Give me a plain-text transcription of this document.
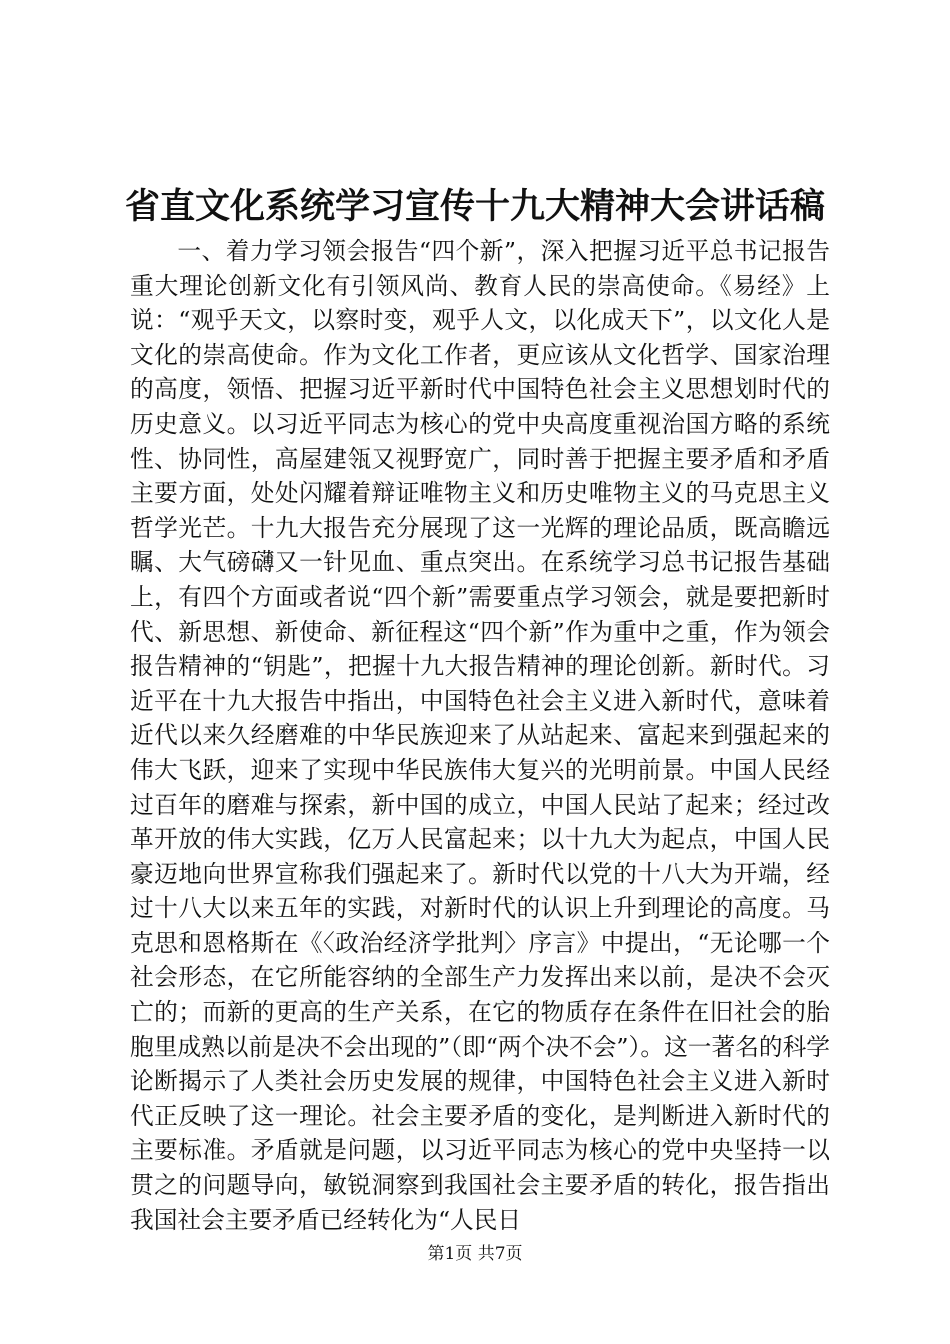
省直文化系统学习宣传十九大精神大会讲话稿

一、着力学习领会报告“四个新”，深入把握习近平总书记报告重大理论创新文化有引领风尚、教育人民的崇高使命。《易经》上说：“观乎天文，以察时变，观乎人文，以化成天下”，以文化人是文化的崇高使命。作为文化工作者，更应该从文化哲学、国家治理的高度，领悟、把握习近平新时代中国特色社会主义思想划时代的历史意义。以习近平同志为核心的党中央高度重视治国方略的系统性、协同性，高屋建瓴又视野宽广，同时善于把握主要矛盾和矛盾主要方面，处处闪耀着辩证唯物主义和历史唯物主义的马克思主义哲学光芒。十九大报告充分展现了这一光辉的理论品质，既高瞻远瞩、大气磅礴又一针见血、重点突出。在系统学习总书记报告基础上，有四个方面或者说“四个新”需要重点学习领会，就是要把新时代、新思想、新使命、新征程这“四个新”作为重中之重，作为领会报告精神的“钥匙”，把握十九大报告精神的理论创新。新时代。习近平在十九大报告中指出，中国特色社会主义进入新时代，意味着近代以来久经磨难的中华民族迎来了从站起来、富起来到强起来的伟大飞跃，迎来了实现中华民族伟大复兴的光明前景。中国人民经过百年的磨难与探索，新中国的成立，中国人民站了起来；经过改革开放的伟大实践，亿万人民富起来；以十九大为起点，中国人民豪迈地向世界宣称我们强起来了。新时代以党的十八大为开端，经过十八大以来五年的实践，对新时代的认识上升到理论的高度。马克思和恩格斯在《〈政治经济学批判〉序言》中提出，“无论哪一个社会形态，在它所能容纳的全部生产力发挥出来以前，是决不会灭亡的；而新的更高的生产关系，在它的物质存在条件在旧社会的胎胞里成熟以前是决不会出现的”（即“两个决不会”）。这一著名的科学论断揭示了人类社会历史发展的规律，中国特色社会主义进入新时代正反映了这一理论。社会主要矛盾的变化，是判断进入新时代的主要标准。矛盾就是问题，以习近平同志为核心的党中央坚持一以贯之的问题导向，敏锐洞察到我国社会主要矛盾的转化，报告指出我国社会主要矛盾已经转化为“人民日

第1页 共7页
